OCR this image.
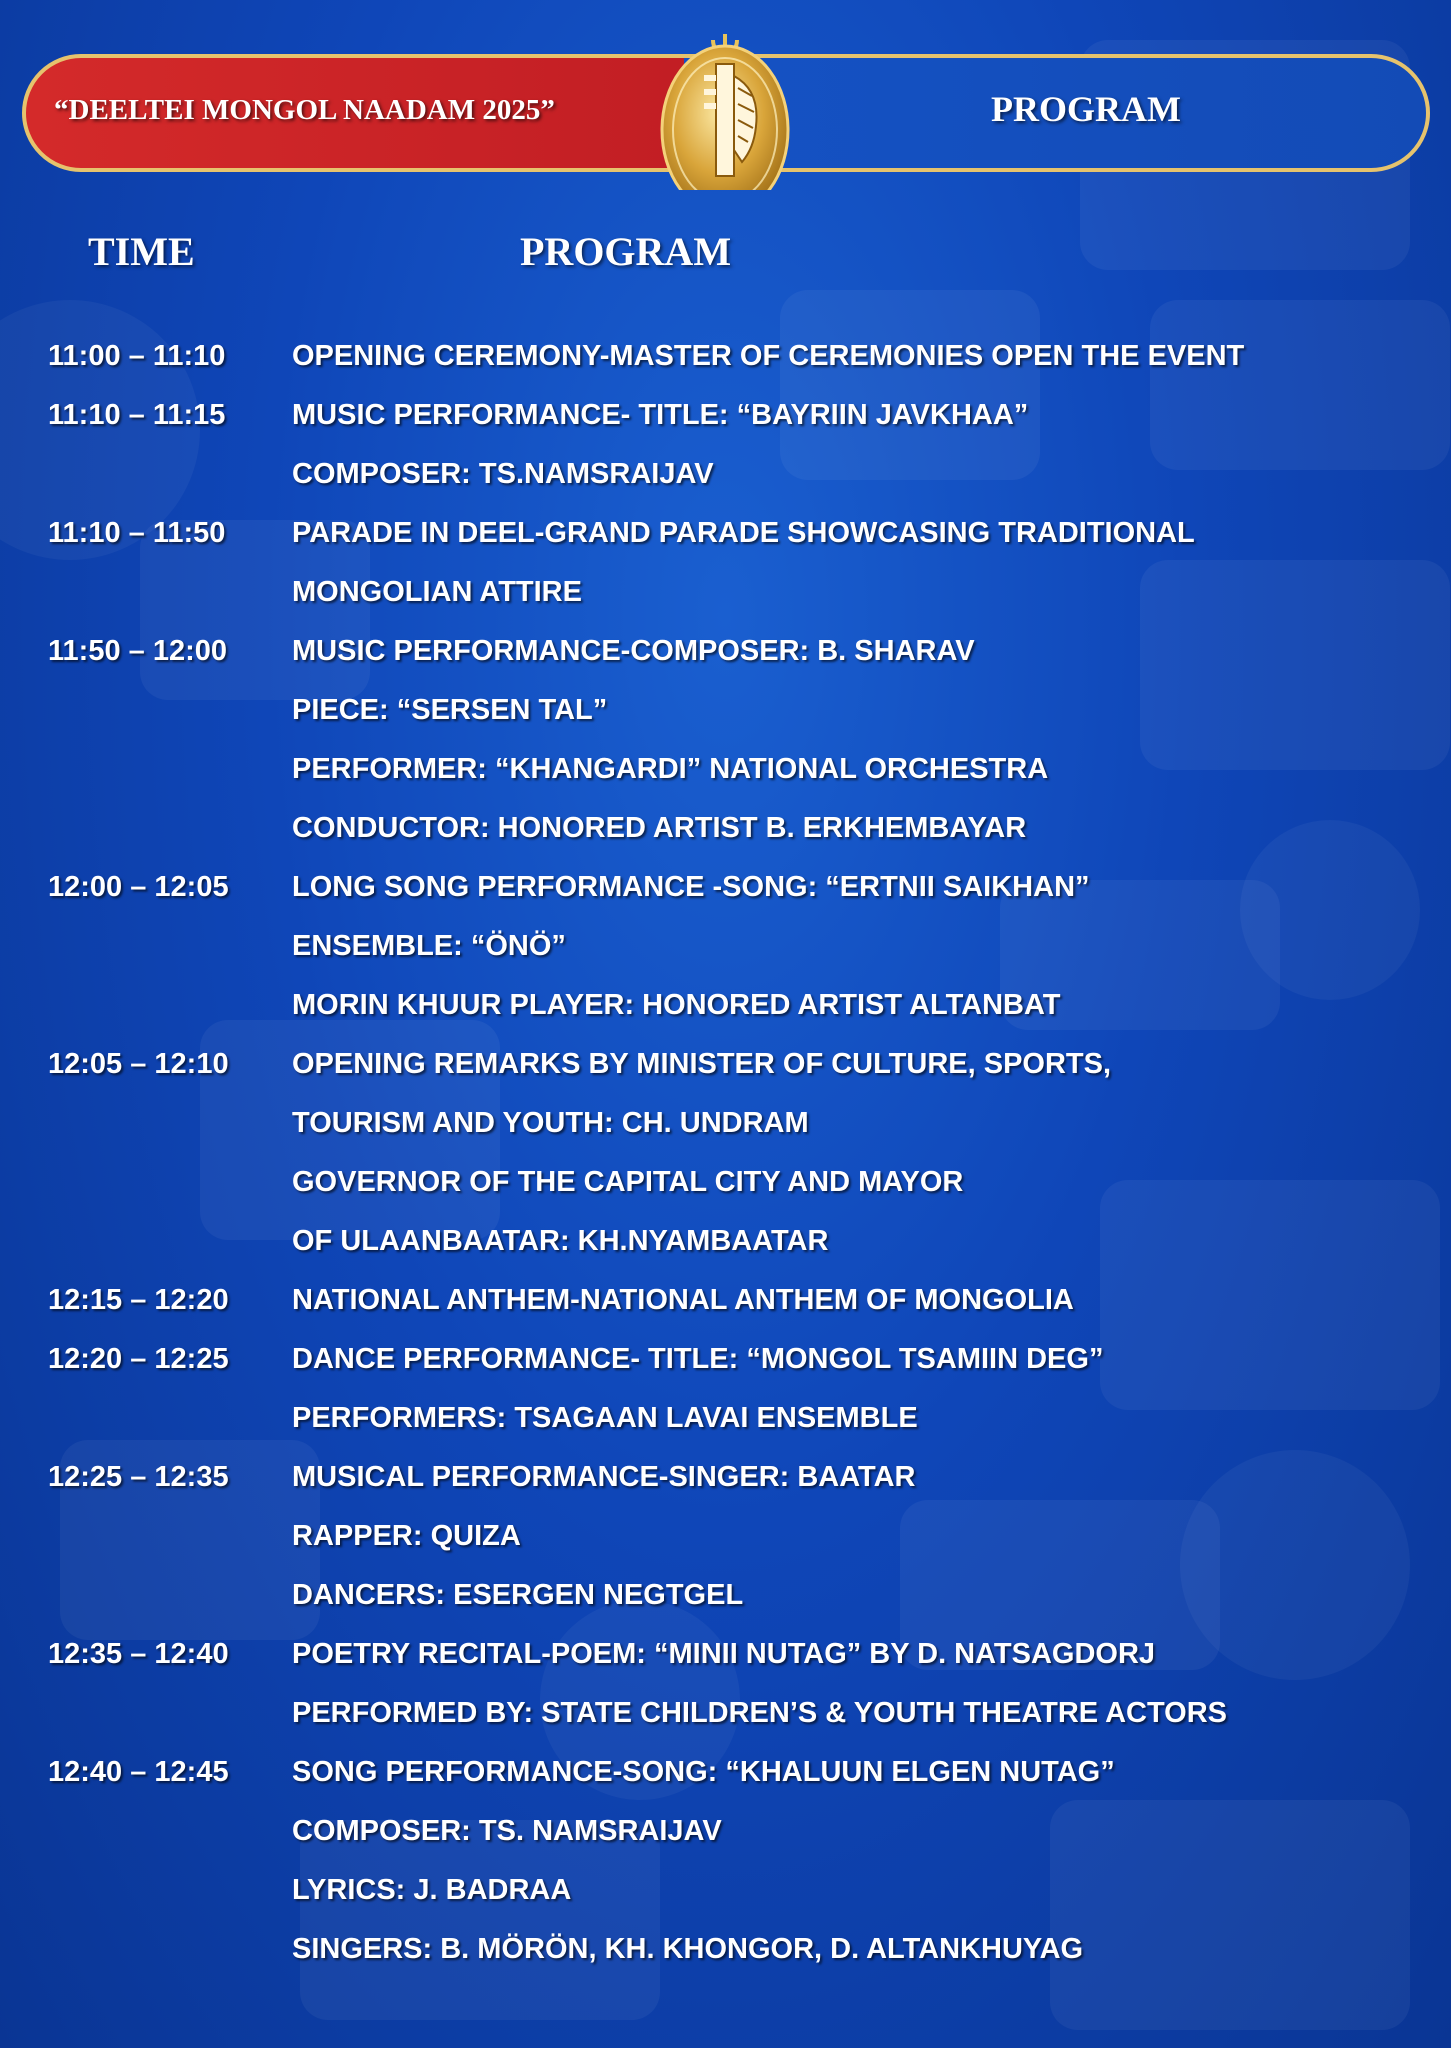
“DEELTEI MONGOL NAADAM 2025”	PROGRAM
TIME	PROGRAM
11:00 – 11:10	OPENING CEREMONY-MASTER OF CEREMONIES OPEN THE EVENT
11:10 – 11:15	MUSIC PERFORMANCE- TITLE: “BAYRIIN JAVKHAA”
COMPOSER: TS.NAMSRAIJAV
11:10 – 11:50	PARADE IN DEEL-GRAND PARADE SHOWCASING TRADITIONAL
MONGOLIAN ATTIRE
11:50 – 12:00	MUSIC PERFORMANCE-COMPOSER: B. SHARAV
PIECE: “SERSEN TAL”
PERFORMER: “KHANGARDI” NATIONAL ORCHESTRA
CONDUCTOR: HONORED ARTIST B. ERKHEMBAYAR
12:00 – 12:05	LONG SONG PERFORMANCE -SONG: “ERTNII SAIKHAN”
ENSEMBLE: “ÖNÖ”
MORIN KHUUR PLAYER: HONORED ARTIST ALTANBAT
12:05 – 12:10	OPENING REMARKS BY MINISTER OF CULTURE, SPORTS,
TOURISM AND YOUTH: CH. UNDRAM
GOVERNOR OF THE CAPITAL CITY AND MAYOR
OF ULAANBAATAR: KH.NYAMBAATAR
12:15 – 12:20	NATIONAL ANTHEM-NATIONAL ANTHEM OF MONGOLIA
12:20 – 12:25	DANCE PERFORMANCE- TITLE: “MONGOL TSAMIIN DEG”
PERFORMERS: TSAGAAN LAVAI ENSEMBLE
12:25 – 12:35	MUSICAL PERFORMANCE-SINGER: BAATAR
RAPPER: QUIZA
DANCERS: ESERGEN NEGTGEL
12:35 – 12:40	POETRY RECITAL-POEM: “MINII NUTAG” BY D. NATSAGDORJ
PERFORMED BY: STATE CHILDREN’S & YOUTH THEATRE ACTORS
12:40 – 12:45	SONG PERFORMANCE-SONG: “KHALUUN ELGEN NUTAG”
COMPOSER: TS. NAMSRAIJAV
LYRICS: J. BADRAA
SINGERS: B. MÖRÖN, KH. KHONGOR, D. ALTANKHUYAG
